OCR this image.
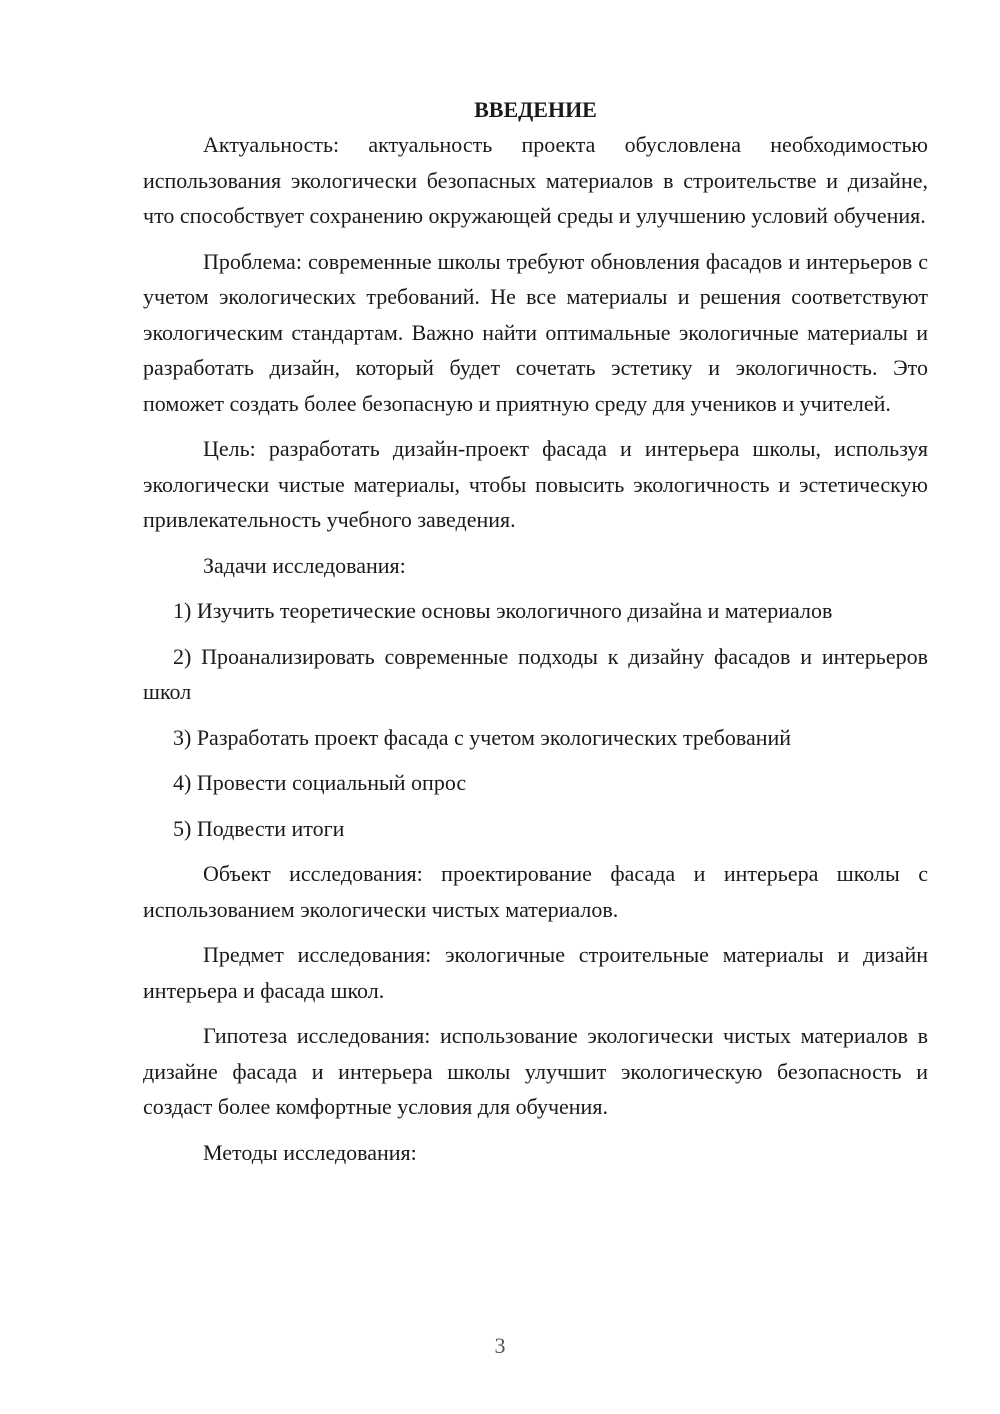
ВВЕДЕНИЕ

Актуальность: актуальность проекта обусловлена необходимостью использования экологически безопасных материалов в строительстве и дизайне, что способствует сохранению окружающей среды и улучшению условий обучения.

Проблема: современные школы требуют обновления фасадов и интерьеров с учетом экологических требований. Не все материалы и решения соответствуют экологическим стандартам. Важно найти оптимальные экологичные материалы и разработать дизайн, который будет сочетать эстетику и экологичность. Это поможет создать более безопасную и приятную среду для учеников и учителей.

Цель: разработать дизайн-проект фасада и интерьера школы, используя экологически чистые материалы, чтобы повысить экологичность и эстетическую привлекательность учебного заведения.

Задачи исследования:

1) Изучить теоретические основы экологичного дизайна и материалов

2) Проанализировать современные подходы к дизайну фасадов и интерьеров школ

3) Разработать проект фасада с учетом экологических требований

4) Провести социальный опрос

5) Подвести итоги

Объект исследования: проектирование фасада и интерьера школы с использованием экологически чистых материалов.

Предмет исследования: экологичные строительные материалы и дизайн интерьера и фасада школ.

Гипотеза исследования: использование экологически чистых материалов в дизайне фасада и интерьера школы улучшит экологическую безопасность и создаст более комфортные условия для обучения.

Методы исследования:

3
